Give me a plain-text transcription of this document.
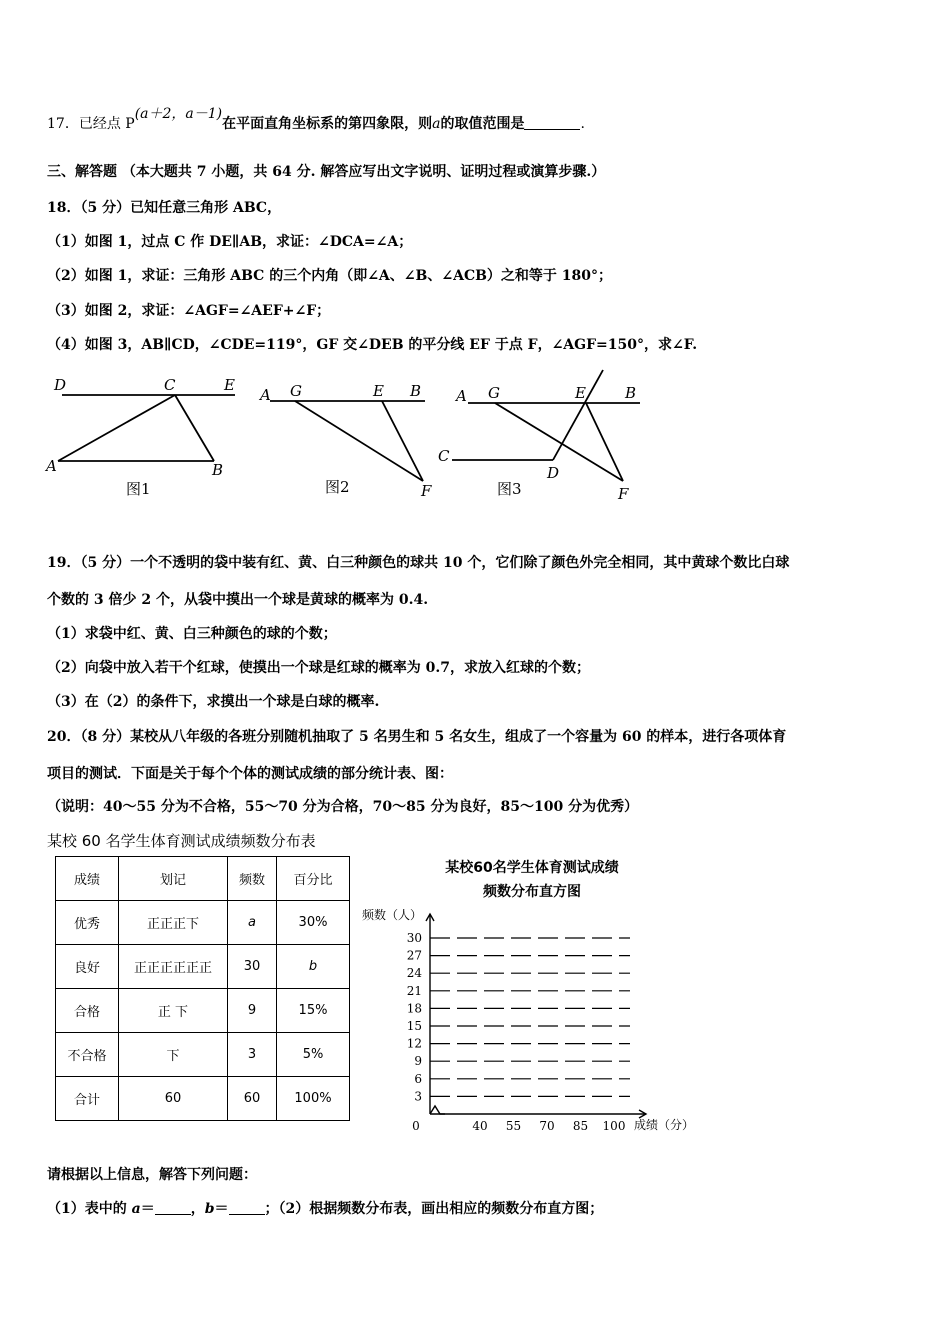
17．已经点 P(a＋2，a－1)在平面直角坐标系的第四象限，则a的取值范围是	.
三、解答题 （本大题共 7 小题，共 64 分. 解答应写出文字说明、证明过程或演算步骤.）
18．（5 分）已知任意三角形 ABC，
（1）如图 1，过点 C 作 DE∥AB，求证：∠DCA=∠A；
（2）如图 1，求证：三角形 ABC 的三个内角（即∠A、∠B、∠ACB）之和等于 180°；
（3）如图 2，求证：∠AGF=∠AEF+∠F；
（4）如图 3，AB∥CD，∠CDE=119°，GF 交∠DEB 的平分线 EF 于点 F，∠AGF=150°，求∠F.
D	C	E
A	B
图1
A G	E B
F
图2
A G	E	B
C
D
F
图3
19．（5 分）一个不透明的袋中装有红、黄、白三种颜色的球共 10 个，它们除了颜色外完全相同，其中黄球个数比白球
个数的 3 倍少 2 个，从袋中摸出一个球是黄球的概率为 0.4.
（1）求袋中红、黄、白三种颜色的球的个数；
（2）向袋中放入若干个红球，使摸出一个球是红球的概率为 0.7，求放入红球的个数；
（3）在（2）的条件下，求摸出一个球是白球的概率.
20．（8 分）某校从八年级的各班分别随机抽取了 5 名男生和 5 名女生，组成了一个容量为 60 的样本，进行各项体育
项目的测试．下面是关于每个个体的测试成绩的部分统计表、图：
（说明：40～55 分为不合格，55～70 分为合格，70～85 分为良好，85～100 分为优秀）
某校 60 名学生体育测试成绩频数分布表
成绩	划记	频数	百分比
优秀	正正正下	a	30%
良好	正正正正正正	30	b
合格	正 下	9	15%
不合格	下	3	5%
合计	60	60	100%
某校60名学生体育测试成绩
频数分布直方图
频数（人）
成绩（分）
3
6
9
12
15
18
21
24
27
30
0	40 55 70 85 100
请根据以上信息，解答下列问题：
（1）表中的 a＝	，b＝	；（2）根据频数分布表，画出相应的频数分布直方图；
